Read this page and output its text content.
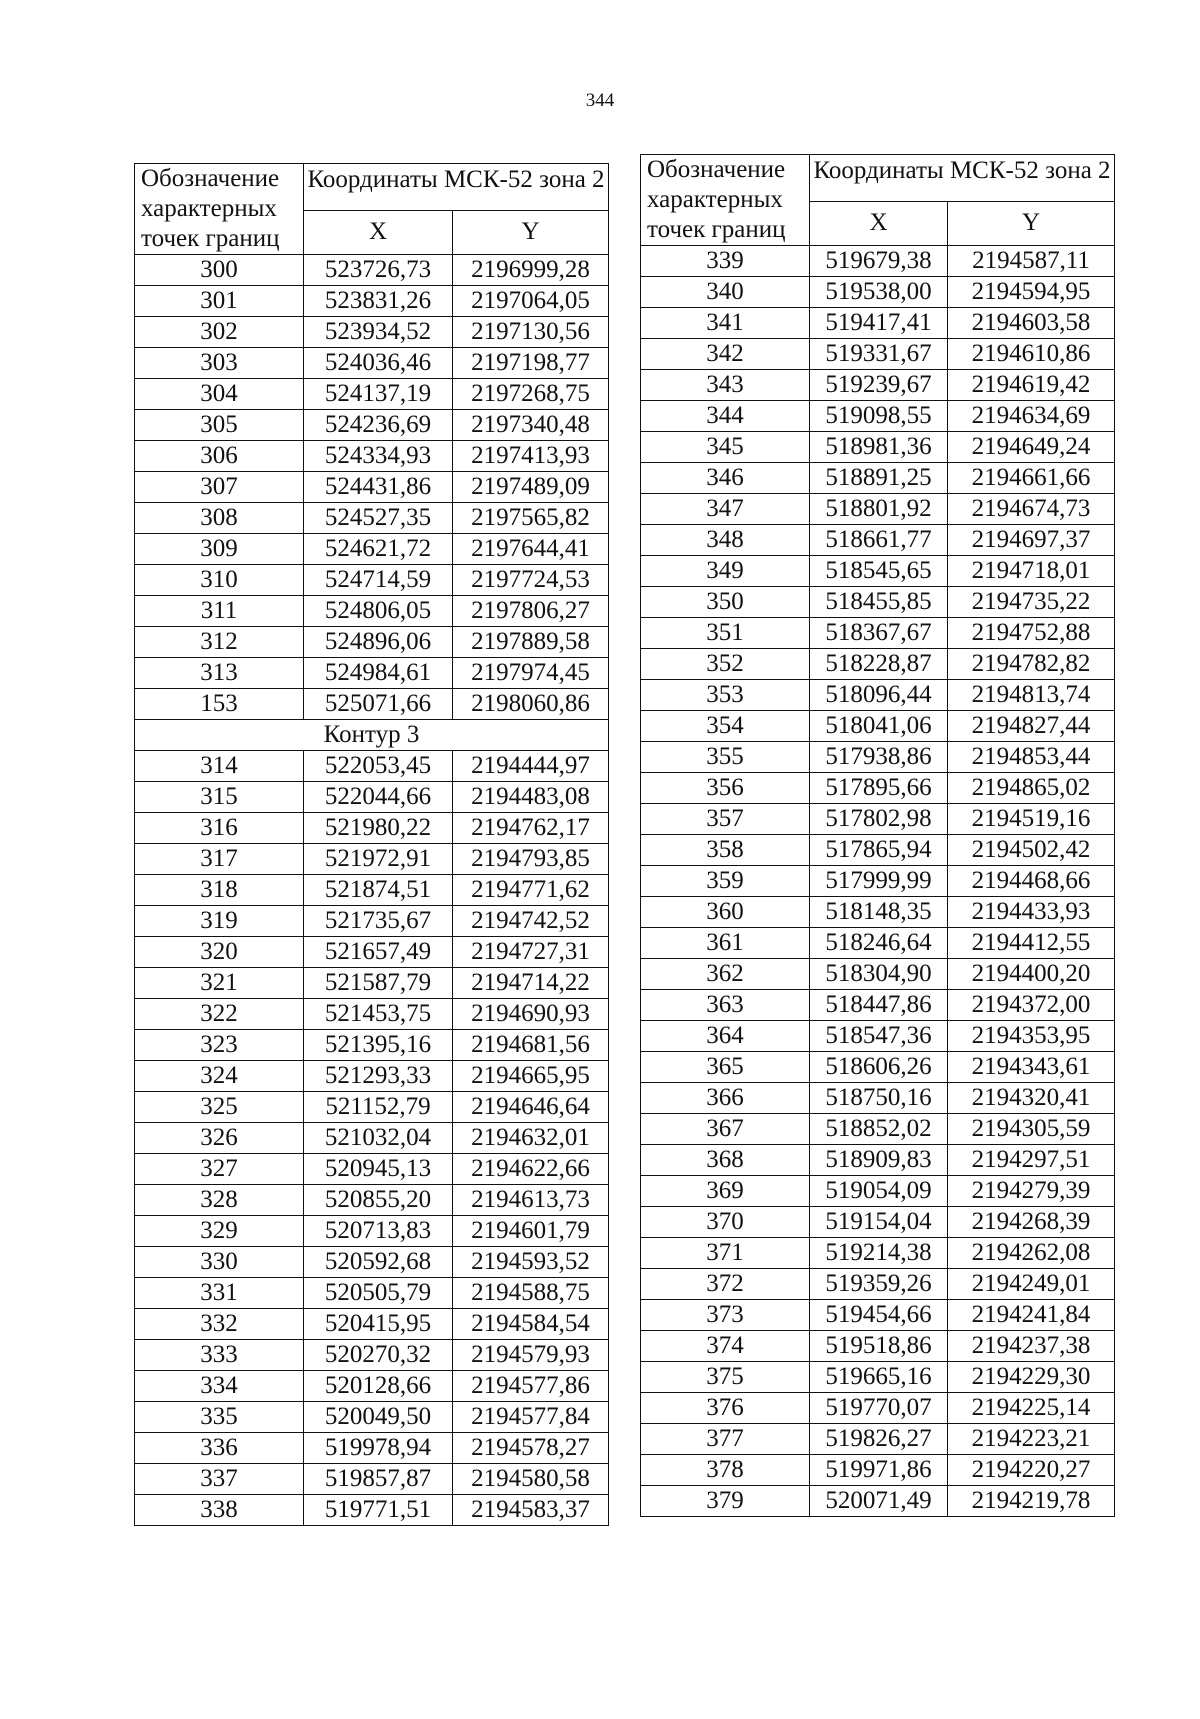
344
Обозначение характерных точек границ	Координаты МСК-52 зона 2	
	X	Y
300	523726,73	2196999,28
301	523831,26	2197064,05
302	523934,52	2197130,56
303	524036,46	2197198,77
304	524137,19	2197268,75
305	524236,69	2197340,48
306	524334,93	2197413,93
307	524431,86	2197489,09
308	524527,35	2197565,82
309	524621,72	2197644,41
310	524714,59	2197724,53
311	524806,05	2197806,27
312	524896,06	2197889,58
313	524984,61	2197974,45
153	525071,66	2198060,86
Контур 3		
314	522053,45	2194444,97
315	522044,66	2194483,08
316	521980,22	2194762,17
317	521972,91	2194793,85
318	521874,51	2194771,62
319	521735,67	2194742,52
320	521657,49	2194727,31
321	521587,79	2194714,22
322	521453,75	2194690,93
323	521395,16	2194681,56
324	521293,33	2194665,95
325	521152,79	2194646,64
326	521032,04	2194632,01
327	520945,13	2194622,66
328	520855,20	2194613,73
329	520713,83	2194601,79
330	520592,68	2194593,52
331	520505,79	2194588,75
332	520415,95	2194584,54
333	520270,32	2194579,93
334	520128,66	2194577,86
335	520049,50	2194577,84
336	519978,94	2194578,27
337	519857,87	2194580,58
338	519771,51	2194583,37
Обозначение характерных точек границ	Координаты МСК-52 зона 2	
	X	Y
339	519679,38	2194587,11
340	519538,00	2194594,95
341	519417,41	2194603,58
342	519331,67	2194610,86
343	519239,67	2194619,42
344	519098,55	2194634,69
345	518981,36	2194649,24
346	518891,25	2194661,66
347	518801,92	2194674,73
348	518661,77	2194697,37
349	518545,65	2194718,01
350	518455,85	2194735,22
351	518367,67	2194752,88
352	518228,87	2194782,82
353	518096,44	2194813,74
354	518041,06	2194827,44
355	517938,86	2194853,44
356	517895,66	2194865,02
357	517802,98	2194519,16
358	517865,94	2194502,42
359	517999,99	2194468,66
360	518148,35	2194433,93
361	518246,64	2194412,55
362	518304,90	2194400,20
363	518447,86	2194372,00
364	518547,36	2194353,95
365	518606,26	2194343,61
366	518750,16	2194320,41
367	518852,02	2194305,59
368	518909,83	2194297,51
369	519054,09	2194279,39
370	519154,04	2194268,39
371	519214,38	2194262,08
372	519359,26	2194249,01
373	519454,66	2194241,84
374	519518,86	2194237,38
375	519665,16	2194229,30
376	519770,07	2194225,14
377	519826,27	2194223,21
378	519971,86	2194220,27
379	520071,49	2194219,78
